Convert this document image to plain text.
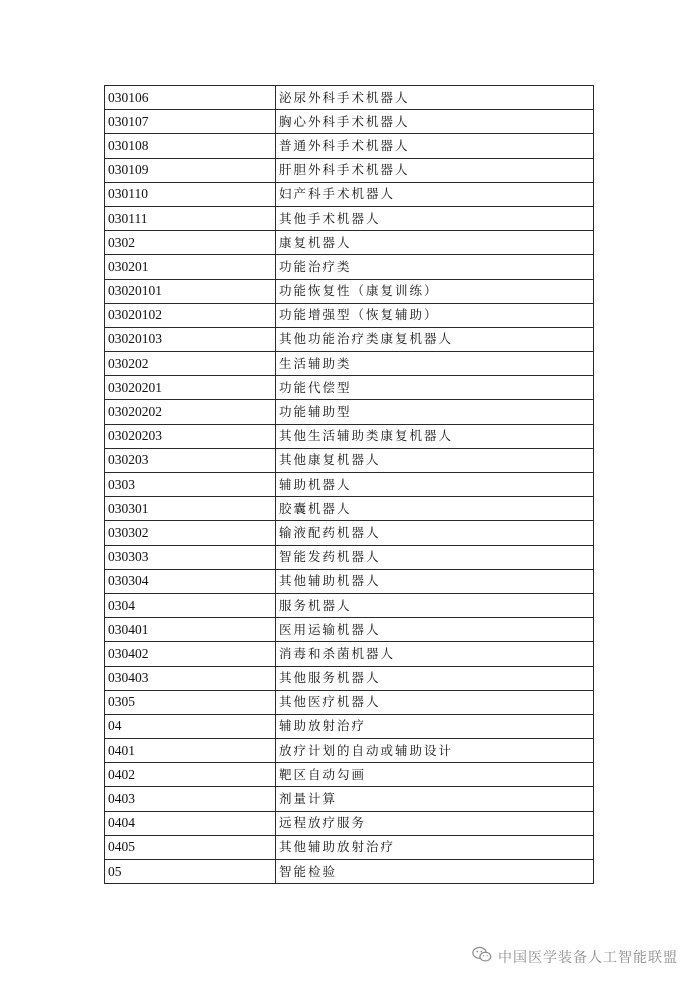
030106	泌尿外科手术机器人
030107	胸心外科手术机器人
030108	普通外科手术机器人
030109	肝胆外科手术机器人
030110	妇产科手术机器人
030111	其他手术机器人
0302	康复机器人
030201	功能治疗类
03020101	功能恢复性（康复训练）
03020102	功能增强型（恢复辅助）
03020103	其他功能治疗类康复机器人
030202	生活辅助类
03020201	功能代偿型
03020202	功能辅助型
03020203	其他生活辅助类康复机器人
030203	其他康复机器人
0303	辅助机器人
030301	胶囊机器人
030302	输液配药机器人
030303	智能发药机器人
030304	其他辅助机器人
0304	服务机器人
030401	医用运输机器人
030402	消毒和杀菌机器人
030403	其他服务机器人
0305	其他医疗机器人
04	辅助放射治疗
0401	放疗计划的自动或辅助设计
0402	靶区自动勾画
0403	剂量计算
0404	远程放疗服务
0405	其他辅助放射治疗
05	智能检验
中国医学装备人工智能联盟
